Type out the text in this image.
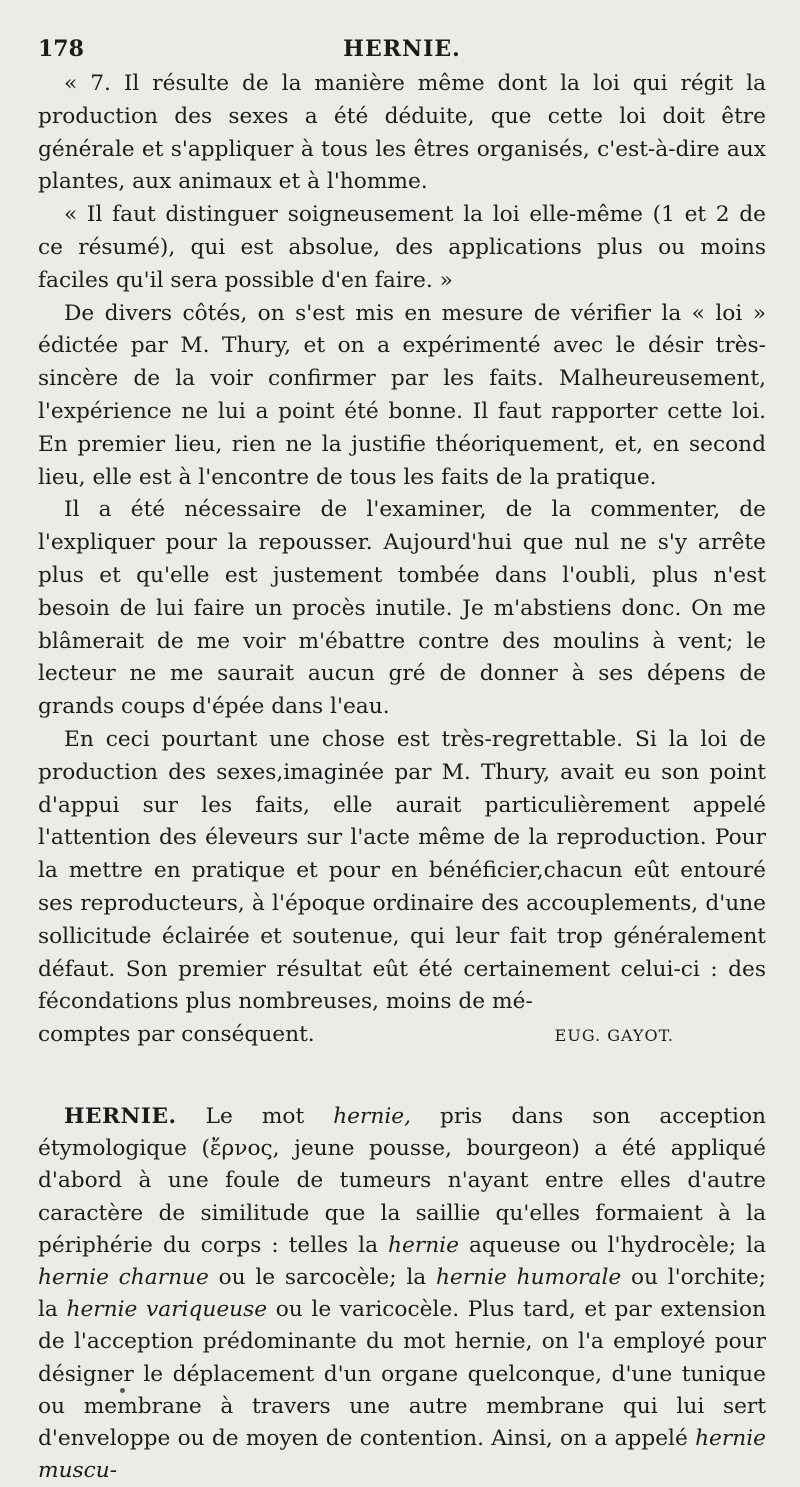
178	HERNIE.

« 7. Il résulte de la manière même dont la loi qui régit la production des sexes a été déduite, que cette loi doit être générale et s'appliquer à tous les êtres organisés, c'est-à-dire aux plantes, aux animaux et à l'homme.

« Il faut distinguer soigneusement la loi elle-même (1 et 2 de ce résumé), qui est absolue, des applications plus ou moins faciles qu'il sera possible d'en faire. »

De divers côtés, on s'est mis en mesure de vérifier la « loi » édictée par M. Thury, et on a expérimenté avec le désir très-sincère de la voir confirmer par les faits. Malheureusement, l'expérience ne lui a point été bonne. Il faut rapporter cette loi. En premier lieu, rien ne la justifie théoriquement, et, en second lieu, elle est à l'encontre de tous les faits de la pratique.

Il a été nécessaire de l'examiner, de la commenter, de l'expliquer pour la repousser. Aujourd'hui que nul ne s'y arrête plus et qu'elle est justement tombée dans l'oubli, plus n'est besoin de lui faire un procès inutile. Je m'abstiens donc. On me blâmerait de me voir m'ébattre contre des moulins à vent; le lecteur ne me saurait aucun gré de donner à ses dépens de grands coups d'épée dans l'eau.

En ceci pourtant une chose est très-regrettable. Si la loi de production des sexes,imaginée par M. Thury, avait eu son point d'appui sur les faits, elle aurait particulièrement appelé l'attention des éleveurs sur l'acte même de la reproduction. Pour la mettre en pratique et pour en bénéficier,chacun eût entouré ses reproducteurs, à l'époque ordinaire des accouplements, d'une sollicitude éclairée et soutenue, qui leur fait trop généralement défaut. Son premier résultat eût été certainement celui-ci : des fécondations plus nombreuses, moins de mé-

comptes par conséquent.	EUG. GAYOT.

HERNIE. Le mot hernie, pris dans son acception étymologique (ἔρνος, jeune pousse, bourgeon) a été appliqué d'abord à une foule de tumeurs n'ayant entre elles d'autre caractère de similitude que la saillie qu'elles formaient à la périphérie du corps : telles la hernie aqueuse ou l'hydrocèle; la hernie charnue ou le sarcocèle; la hernie humorale ou l'orchite; la hernie variqueuse ou le varicocèle. Plus tard, et par extension de l'acception prédominante du mot hernie, on l'a employé pour désigner le déplacement d'un organe quelconque, d'une tunique ou membrane à travers une autre membrane qui lui sert d'enveloppe ou de moyen de contention. Ainsi, on a appelé hernie muscu-
